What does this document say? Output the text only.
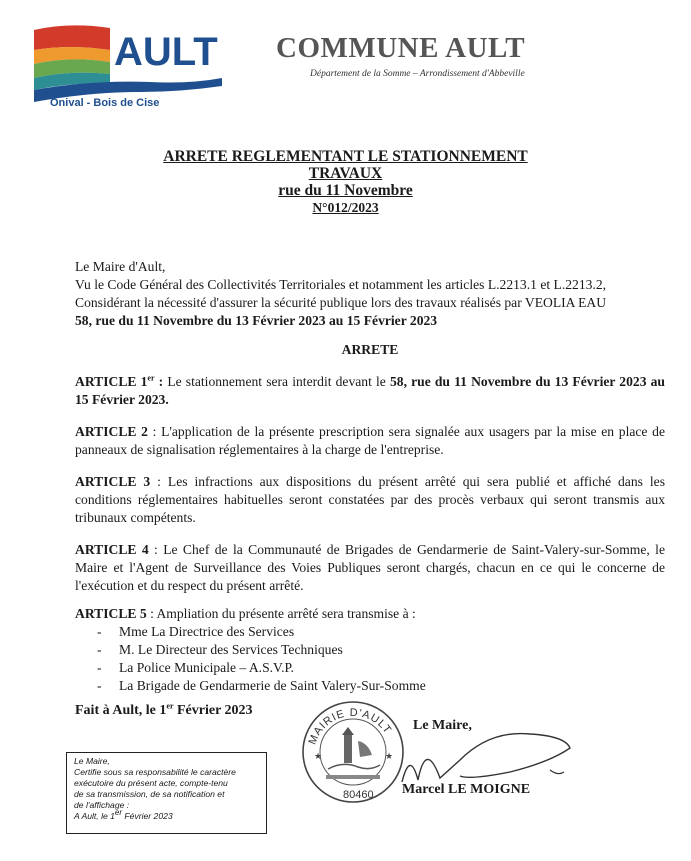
AULT
Onival - Bois de Cise
COMMUNE AULT
Département de la Somme – Arrondissement d'Abbeville
ARRETE REGLEMENTANT LE STATIONNEMENT
TRAVAUX
rue du 11 Novembre
N°012/2023

Le Maire d'Ault,

Vu le Code Général des Collectivités Territoriales et notamment les articles L.2213.1 et L.2213.2,

Considérant la nécessité d'assurer la sécurité publique lors des travaux réalisés par VEOLIA EAU

58, rue du 11 Novembre du 13 Février 2023 au 15 Février 2023

ARRETE
ARTICLE 1er : Le stationnement sera interdit devant le 58, rue du 11 Novembre du 13 Février 2023 au 15 Février 2023.
ARTICLE 2 : L'application de la présente prescription sera signalée aux usagers par la mise en place de panneaux de signalisation réglementaires à la charge de l'entreprise.
ARTICLE 3 : Les infractions aux dispositions du présent arrêté qui sera publié et affiché dans les conditions réglementaires habituelles seront constatées par des procès verbaux qui seront transmis aux tribunaux compétents.
ARTICLE 4 : Le Chef de la Communauté de Brigades de Gendarmerie de Saint-Valery-sur-Somme, le Maire et l'Agent de Surveillance des Voies Publiques seront chargés, chacun en ce qui le concerne de l'exécution et du respect du présent arrêté.
ARTICLE 5 : Ampliation du présente arrêté sera transmise à :
- Mme La Directrice des Services
- M. Le Directeur des Services Techniques
- La Police Municipale – A.S.V.P.
- La Brigade de Gendarmerie de Saint Valery-Sur-Somme
Fait à Ault, le 1er Février 2023
Le Maire,
Certifie sous sa responsabilité le caractère
exécutoire du présent acte, compte-tenu
de sa transmission, de sa notification et
de l'affichage :
A Ault, le 1er Février 2023
MAIRIE D'AULT
80460
★	★
Le Maire,
Marcel LE MOIGNE
